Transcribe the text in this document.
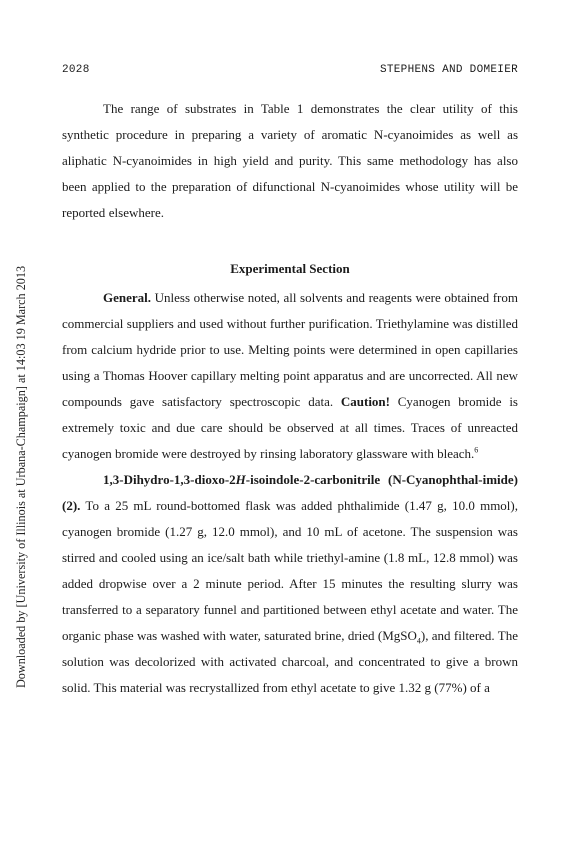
Downloaded by [University of Illinois at Urbana-Champaign] at 14:03 19 March 2013
2028	STEPHENS AND DOMEIER

The range of substrates in Table 1 demonstrates the clear utility of this synthetic procedure in preparing a variety of aromatic N-cyanoimides as well as aliphatic N-cyanoimides in high yield and purity. This same methodology has also been applied to the preparation of difunctional N-cyanoimides whose utility will be reported elsewhere.

Experimental Section

General. Unless otherwise noted, all solvents and reagents were obtained from commercial suppliers and used without further purification. Triethylamine was distilled from calcium hydride prior to use. Melting points were determined in open capillaries using a Thomas Hoover capillary melting point apparatus and are uncorrected. All new compounds gave satisfactory spectroscopic data. Caution! Cyanogen bromide is extremely toxic and due care should be observed at all times. Traces of unreacted cyanogen bromide were destroyed by rinsing laboratory glassware with bleach.$^6$

1,3-Dihydro-1,3-dioxo-2H-isoindole-2-carbonitrile (N-Cyanophthal-imide) (2). To a 25 mL round-bottomed flask was added phthalimide (1.47 g, 10.0 mmol), cyanogen bromide (1.27 g, 12.0 mmol), and 10 mL of acetone. The suspension was stirred and cooled using an ice/salt bath while triethyl-amine (1.8 mL, 12.8 mmol) was added dropwise over a 2 minute period. After 15 minutes the resulting slurry was transferred to a separatory funnel and partitioned between ethyl acetate and water. The organic phase was washed with water, saturated brine, dried (MgSO$_4$), and filtered. The solution was decolorized with activated charcoal, and concentrated to give a brown solid. This material was recrystallized from ethyl acetate to give 1.32 g (77%) of a
